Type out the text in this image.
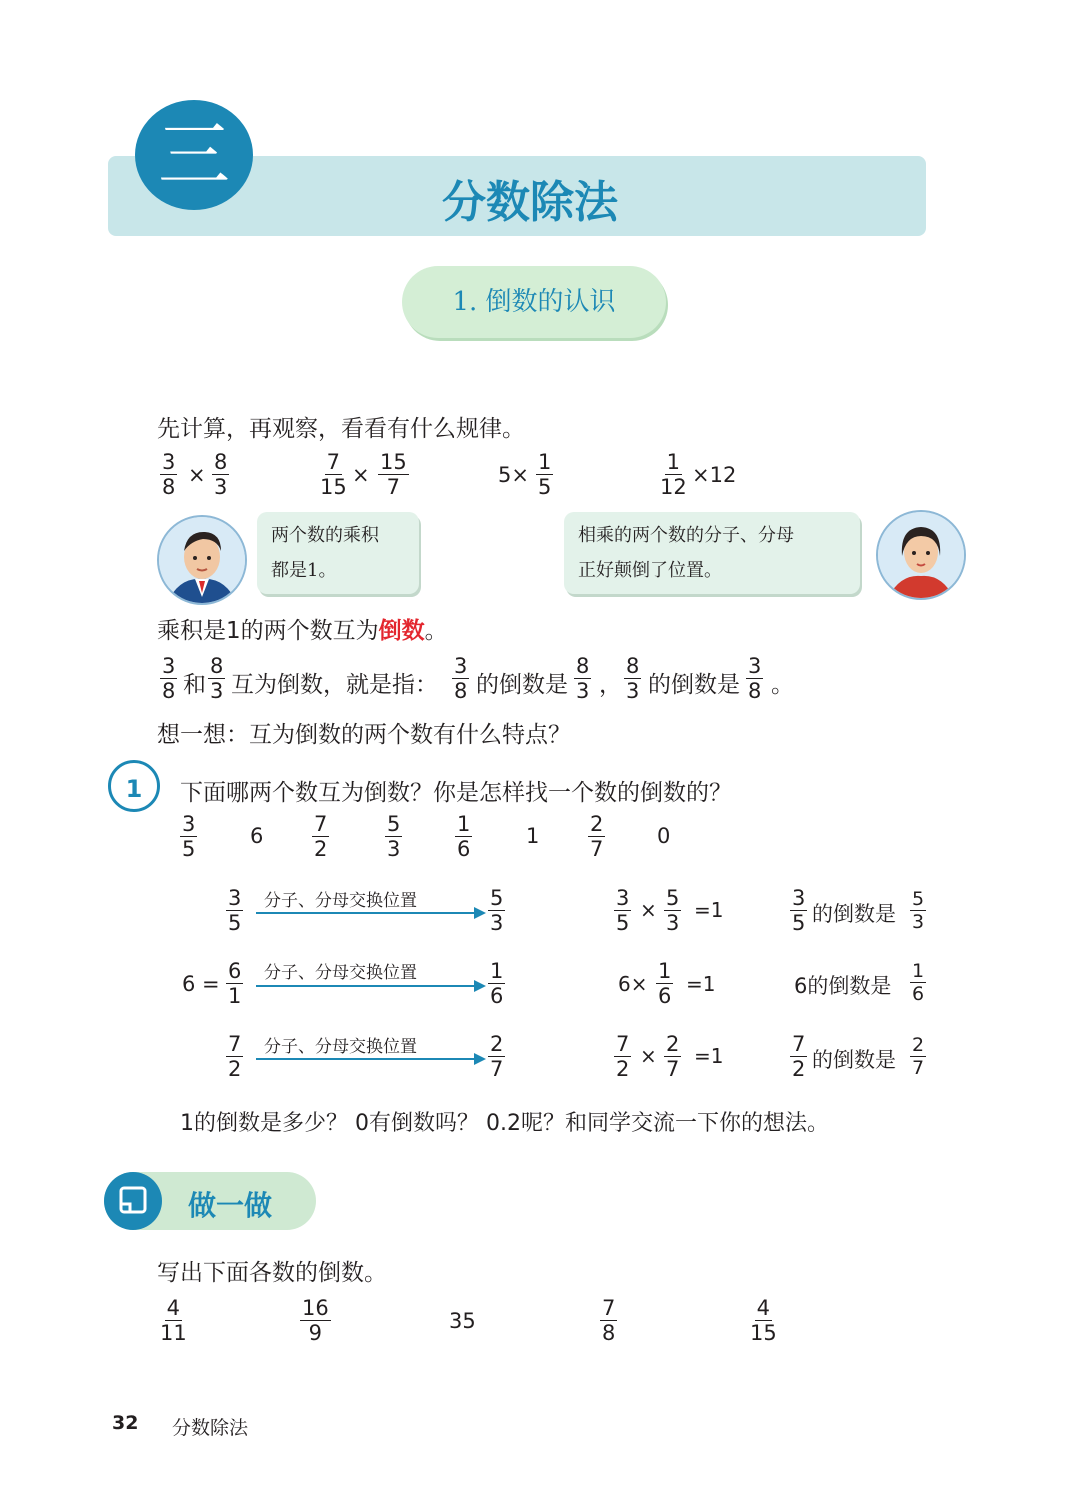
三
分数除法
1. 倒数的认识
先计算，再观察，看看有什么规律。
$\frac{3}{8} \times \frac{8}{3}$	$\frac{7}{15} \times \frac{15}{7}$	$5\times \frac{1}{5}$	$\frac{1}{12} \times 12$
两个数的乘积
都是1。
相乘的两个数的分子、分母
正好颠倒了位置。
乘积是1的两个数互为倒数。
$\frac{3}{8}$ 和 $\frac{8}{3}$ 互为倒数，就是指： $\frac{3}{8}$ 的倒数是 $\frac{8}{3}$ ， $\frac{8}{3}$ 的倒数是 $\frac{3}{8}$ 。
想一想：互为倒数的两个数有什么特点？
1	下面哪两个数互为倒数？你是怎样找一个数的倒数的？
$\frac{3}{5}$	$6 \frac{7}{2}$	$\frac{5}{3}$	$\frac{1}{6}$	$1 \frac{2}{7} 0$
$\frac{3}{5}$ 分子、分母交换位置	$\frac{5}{3}$	$\frac{3}{5} \times \frac{5}{3} =1$	$\frac{3}{5}$ 的倒数是 $\frac{5}{3}$
$6 = \frac{6}{1}$ 分子、分母交换位置	$\frac{1}{6}$	$6\times \frac{1}{6} =1$	6的倒数是 $\frac{1}{6}$
$\frac{7}{2}$ 分子、分母交换位置	$\frac{2}{7}$	$\frac{7}{2} \times \frac{2}{7} =1$	$\frac{7}{2}$ 的倒数是 $\frac{2}{7}$
1的倒数是多少？ 0有倒数吗？ 0.2呢？和同学交流一下你的想法。
做一做
写出下面各数的倒数。
$\frac{4}{11}$	$\frac{16}{9}$	35	$\frac{7}{8}$	$\frac{4}{15}$
32 分数除法
